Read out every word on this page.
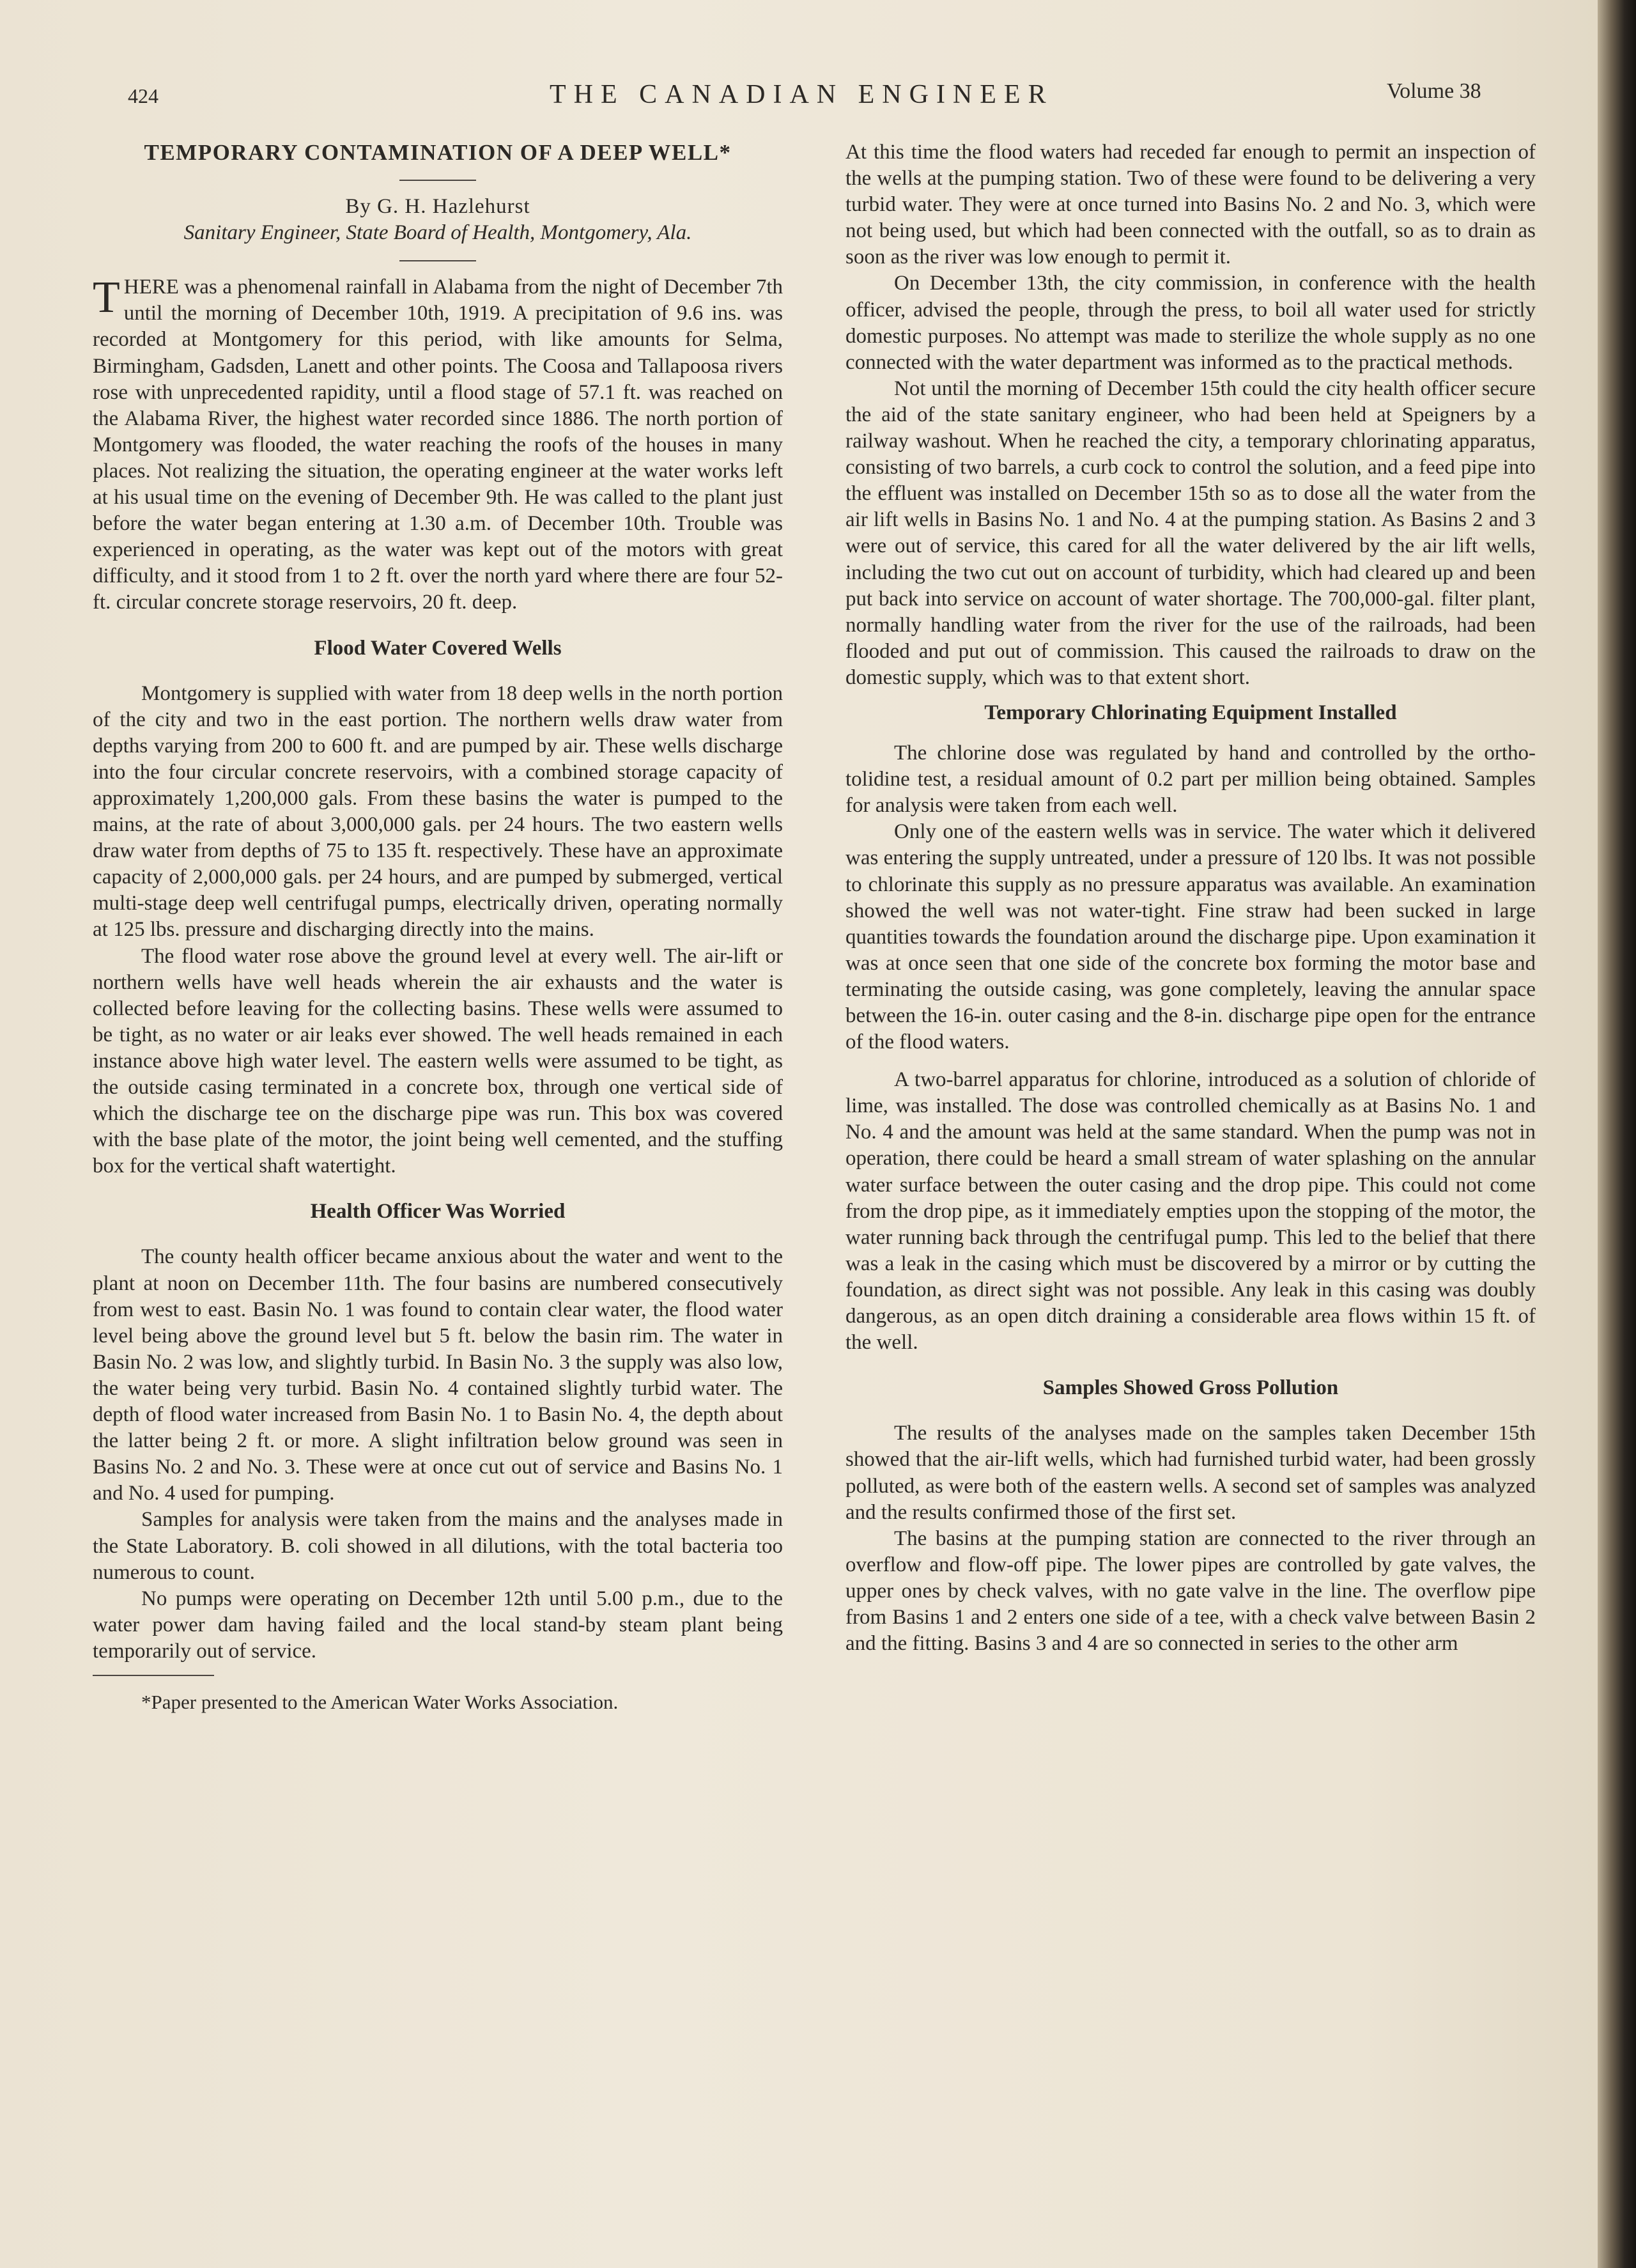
424	THE CANADIAN ENGINEER	Volume 38

TEMPORARY CONTAMINATION OF A DEEP WELL*

By G. H. Hazlehurst

Sanitary Engineer, State Board of Health, Montgomery, Ala.

THERE was a phenomenal rainfall in Alabama from the night of December 7th until the morning of December 10th, 1919. A precipitation of 9.6 ins. was recorded at Montgomery for this period, with like amounts for Selma, Birmingham, Gadsden, Lanett and other points. The Coosa and Tallapoosa rivers rose with unprecedented rapidity, until a flood stage of 57.1 ft. was reached on the Alabama River, the highest water recorded since 1886. The north portion of Montgomery was flooded, the water reaching the roofs of the houses in many places. Not realizing the situation, the operating engineer at the water works left at his usual time on the evening of December 9th. He was called to the plant just before the water began entering at 1.30 a.m. of December 10th. Trouble was experienced in operating, as the water was kept out of the motors with great difficulty, and it stood from 1 to 2 ft. over the north yard where there are four 52-ft. circular concrete storage reservoirs, 20 ft. deep.

Flood Water Covered Wells

Montgomery is supplied with water from 18 deep wells in the north portion of the city and two in the east portion. The northern wells draw water from depths varying from 200 to 600 ft. and are pumped by air. These wells discharge into the four circular concrete reservoirs, with a combined storage capacity of approximately 1,200,000 gals. From these basins the water is pumped to the mains, at the rate of about 3,000,000 gals. per 24 hours. The two eastern wells draw water from depths of 75 to 135 ft. respectively. These have an approximate capacity of 2,000,000 gals. per 24 hours, and are pumped by submerged, vertical multi-stage deep well centrifugal pumps, electrically driven, operating normally at 125 lbs. pressure and discharging directly into the mains.

The flood water rose above the ground level at every well. The air-lift or northern wells have well heads wherein the air exhausts and the water is collected before leaving for the collecting basins. These wells were assumed to be tight, as no water or air leaks ever showed. The well heads remained in each instance above high water level. The eastern wells were assumed to be tight, as the outside casing terminated in a concrete box, through one vertical side of which the discharge tee on the discharge pipe was run. This box was covered with the base plate of the motor, the joint being well cemented, and the stuffing box for the vertical shaft watertight.

Health Officer Was Worried

The county health officer became anxious about the water and went to the plant at noon on December 11th. The four basins are numbered consecutively from west to east. Basin No. 1 was found to contain clear water, the flood water level being above the ground level but 5 ft. below the basin rim. The water in Basin No. 2 was low, and slightly turbid. In Basin No. 3 the supply was also low, the water being very turbid. Basin No. 4 contained slightly turbid water. The depth of flood water increased from Basin No. 1 to Basin No. 4, the depth about the latter being 2 ft. or more. A slight infiltration below ground was seen in Basins No. 2 and No. 3. These were at once cut out of service and Basins No. 1 and No. 4 used for pumping.

Samples for analysis were taken from the mains and the analyses made in the State Laboratory. B. coli showed in all dilutions, with the total bacteria too numerous to count.

No pumps were operating on December 12th until 5.00 p.m., due to the water power dam having failed and the local stand-by steam plant being temporarily out of service.

*Paper presented to the American Water Works Association.

At this time the flood waters had receded far enough to permit an inspection of the wells at the pumping station. Two of these were found to be delivering a very turbid water. They were at once turned into Basins No. 2 and No. 3, which were not being used, but which had been connected with the outfall, so as to drain as soon as the river was low enough to permit it.

On December 13th, the city commission, in conference with the health officer, advised the people, through the press, to boil all water used for strictly domestic purposes. No attempt was made to sterilize the whole supply as no one connected with the water department was informed as to the practical methods.

Not until the morning of December 15th could the city health officer secure the aid of the state sanitary engineer, who had been held at Speigners by a railway washout. When he reached the city, a temporary chlorinating apparatus, consisting of two barrels, a curb cock to control the solution, and a feed pipe into the effluent was installed on December 15th so as to dose all the water from the air lift wells in Basins No. 1 and No. 4 at the pumping station. As Basins 2 and 3 were out of service, this cared for all the water delivered by the air lift wells, including the two cut out on account of turbidity, which had cleared up and been put back into service on account of water shortage. The 700,000-gal. filter plant, normally handling water from the river for the use of the railroads, had been flooded and put out of commission. This caused the railroads to draw on the domestic supply, which was to that extent short.

Temporary Chlorinating Equipment Installed

The chlorine dose was regulated by hand and controlled by the ortho-tolidine test, a residual amount of 0.2 part per million being obtained. Samples for analysis were taken from each well.

Only one of the eastern wells was in service. The water which it delivered was entering the supply untreated, under a pressure of 120 lbs. It was not possible to chlorinate this supply as no pressure apparatus was available. An examination showed the well was not water-tight. Fine straw had been sucked in large quantities towards the foundation around the discharge pipe. Upon examination it was at once seen that one side of the concrete box forming the motor base and terminating the outside casing, was gone completely, leaving the annular space between the 16-in. outer casing and the 8-in. discharge pipe open for the entrance of the flood waters.

A two-barrel apparatus for chlorine, introduced as a solution of chloride of lime, was installed. The dose was controlled chemically as at Basins No. 1 and No. 4 and the amount was held at the same standard. When the pump was not in operation, there could be heard a small stream of water splashing on the annular water surface between the outer casing and the drop pipe. This could not come from the drop pipe, as it immediately empties upon the stopping of the motor, the water running back through the centrifugal pump. This led to the belief that there was a leak in the casing which must be discovered by a mirror or by cutting the foundation, as direct sight was not possible. Any leak in this casing was doubly dangerous, as an open ditch draining a considerable area flows within 15 ft. of the well.

Samples Showed Gross Pollution

The results of the analyses made on the samples taken December 15th showed that the air-lift wells, which had furnished turbid water, had been grossly polluted, as were both of the eastern wells. A second set of samples was analyzed and the results confirmed those of the first set.

The basins at the pumping station are connected to the river through an overflow and flow-off pipe. The lower pipes are controlled by gate valves, the upper ones by check valves, with no gate valve in the line. The overflow pipe from Basins 1 and 2 enters one side of a tee, with a check valve between Basin 2 and the fitting. Basins 3 and 4 are so connected in series to the other arm
